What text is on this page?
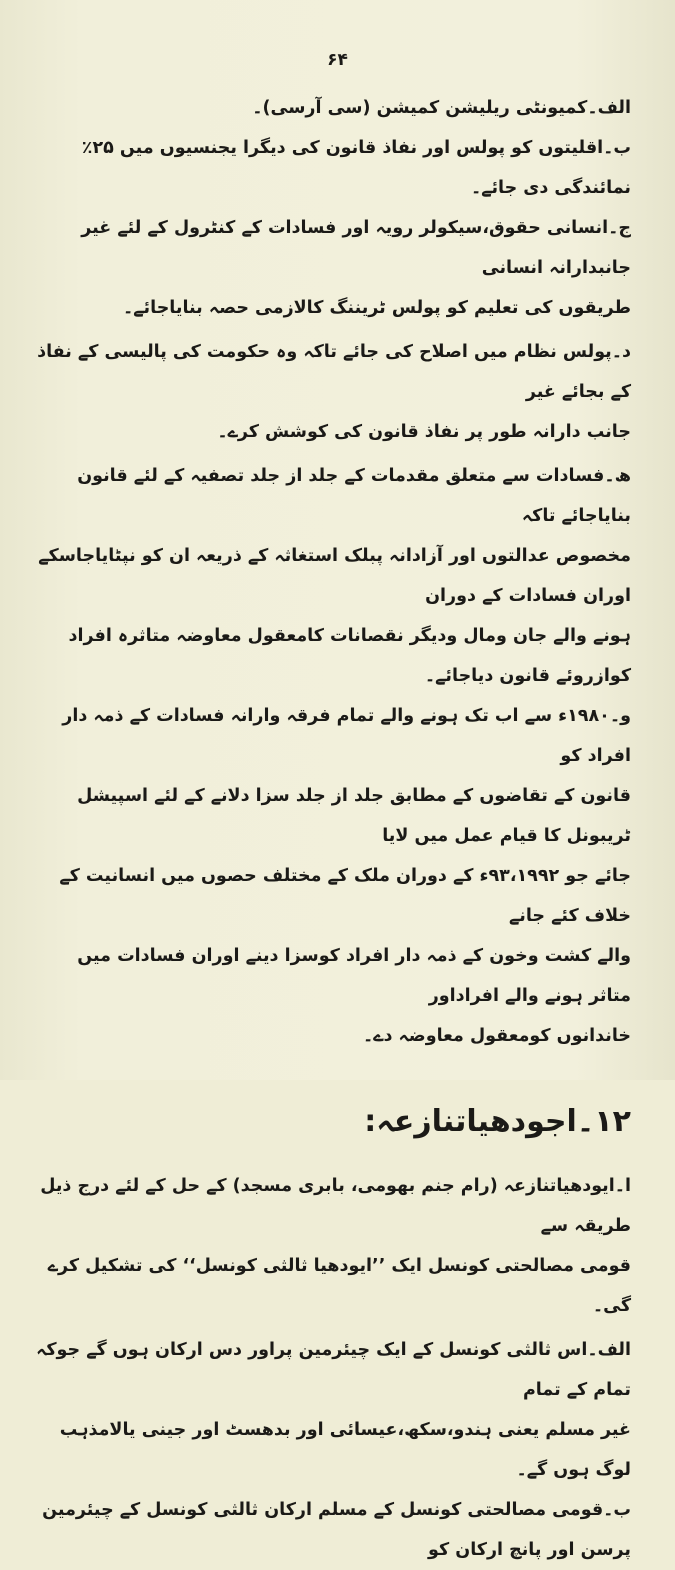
۶۴

الف۔کمیونٹی ریلیشن کمیشن (سی آرسی)۔

ب۔اقلیتوں کو پولس اور نفاذ قانون کی دیگرا یجنسیوں میں ۲۵٪ نمائندگی دی جائے۔

ج۔انسانی حقوق،سیکولر رویہ اور فسادات کے کنٹرول کے لئے غیر جانبدارانہ انسانی

طریقوں کی تعلیم کو پولس ٹریننگ کالازمی حصہ بنایاجائے۔

د۔پولس نظام میں اصلاح کی جائے تاکہ وہ حکومت کی پالیسی کے نفاذ کے بجائے غیر

جانب دارانہ طور پر نفاذ قانون کی کوشش کرے۔

ھ۔فسادات سے متعلق مقدمات کے جلد از جلد تصفیہ کے لئے قانون بنایاجائے تاکہ

مخصوص عدالتوں اور آزادانہ پبلک استغاثہ کے ذریعہ ان کو نپٹایاجاسکے اوران فسادات کے دوران

ہونے والے جان ومال ودیگر نقصانات کامعقول معاوضہ متاثرہ افراد کوازروئے قانون دیاجائے۔

و۔۱۹۸۰ء سے اب تک ہونے والے تمام فرقہ وارانہ فسادات کے ذمہ دار افراد کو

قانون کے تقاضوں کے مطابق جلد از جلد سزا دلانے کے لئے اسپیشل ٹریبونل کا قیام عمل میں لایا

جائے جو ۹۳،۱۹۹۲ء کے دوران ملک کے مختلف حصوں میں انسانیت کے خلاف کئے جانے

والے کشت وخون کے ذمہ دار افراد کوسزا دینے اوران فسادات میں متاثر ہونے والے افراداور

خاندانوں کومعقول معاوضہ دے۔

۱۲۔اجودھیاتنازعہ:

ا۔ایودھیاتنازعہ (رام جنم بھومی، بابری مسجد) کے حل کے لئے درج ذیل طریقہ سے

قومی مصالحتی کونسل ایک ’’ایودھیا ثالثی کونسل‘‘ کی تشکیل کرے گی۔

الف۔اس ثالثی کونسل کے ایک چیئرمین پراور دس ارکان ہوں گے جوکہ تمام کے تمام

غیر مسلم یعنی ہندو،سکھ،عیسائی اور بدھسٹ اور جینی یالامذہب لوگ ہوں گے۔

ب۔قومی مصالحتی کونسل کے مسلم ارکان ثالثی کونسل کے چیئرمین پرسن اور پانچ ارکان کو
